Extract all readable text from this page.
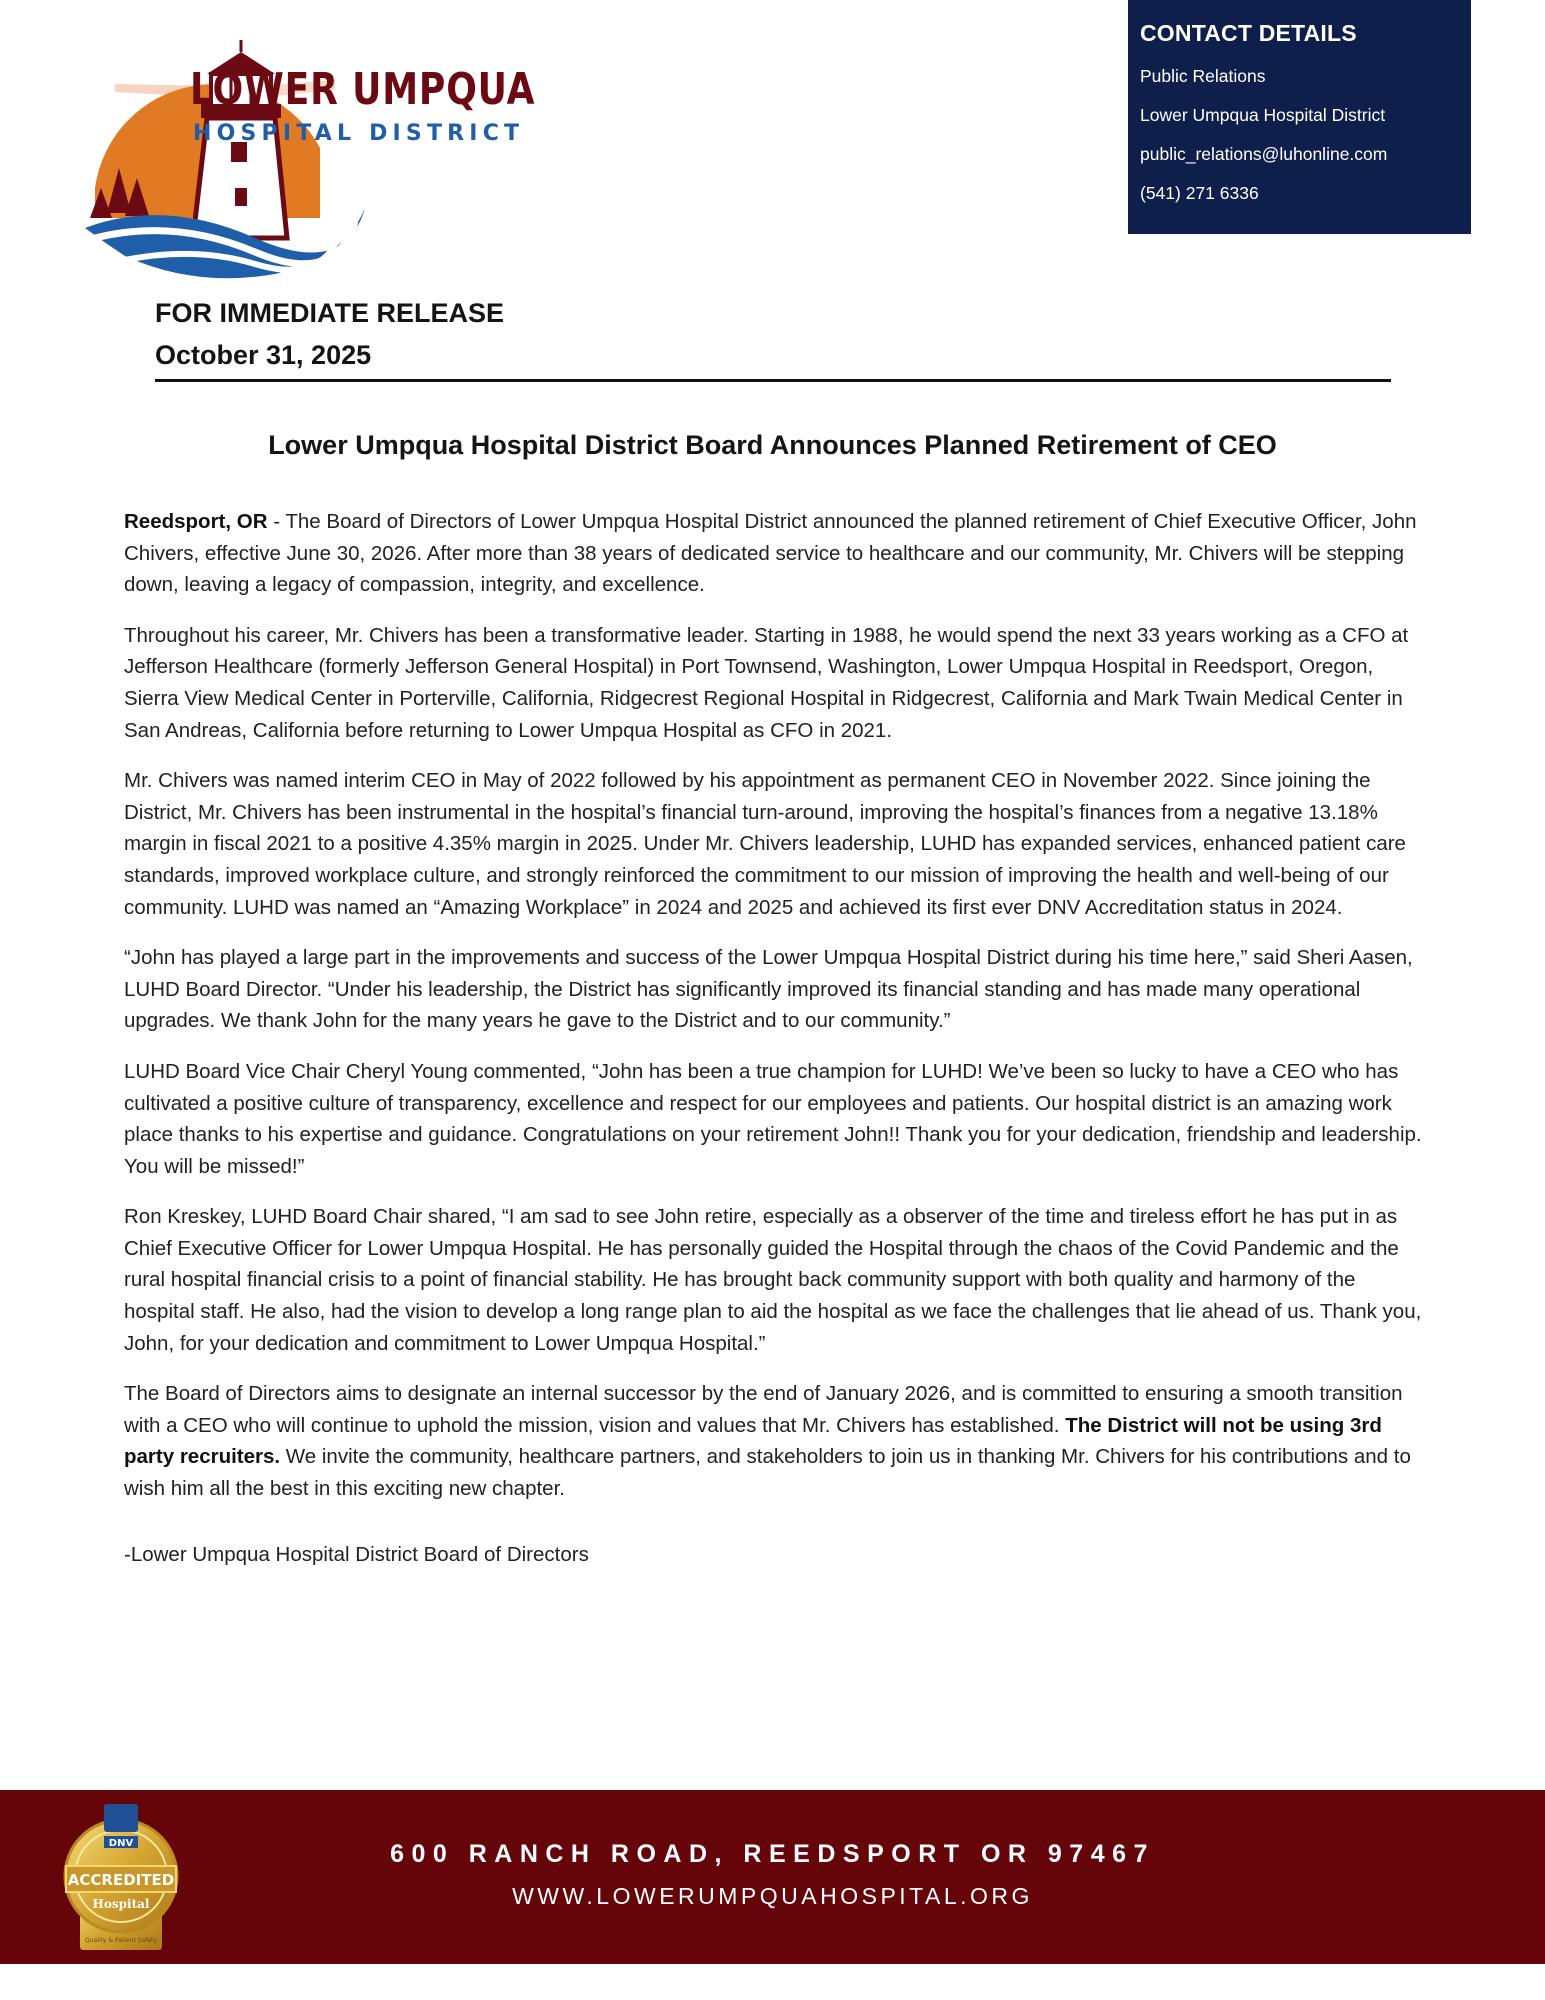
LOWER UMPQUA
HOSPITAL DISTRICT
CONTACT DETAILS
Public Relations
Lower Umpqua Hospital District
public_relations@luhonline.com
(541) 271 6336
FOR IMMEDIATE RELEASE
October 31, 2025
Lower Umpqua Hospital District Board Announces Planned Retirement of CEO

Reedsport, OR - The Board of Directors of Lower Umpqua Hospital District announced the planned retirement of Chief Executive Officer, John Chivers, effective June 30, 2026. After more than 38 years of dedicated service to healthcare and our community, Mr. Chivers will be stepping down, leaving a legacy of compassion, integrity, and excellence.

Throughout his career, Mr. Chivers has been a transformative leader. Starting in 1988, he would spend the next 33 years working as a CFO at Jefferson Healthcare (formerly Jefferson General Hospital) in Port Townsend, Washington, Lower Umpqua Hospital in Reedsport, Oregon, Sierra View Medical Center in Porterville, California, Ridgecrest Regional Hospital in Ridgecrest, California and Mark Twain Medical Center in San Andreas, California before returning to Lower Umpqua Hospital as CFO in 2021.

Mr. Chivers was named interim CEO in May of 2022 followed by his appointment as permanent CEO in November 2022. Since joining the District, Mr. Chivers has been instrumental in the hospital’s financial turn-around, improving the hospital’s finances from a negative 13.18% margin in fiscal 2021 to a positive 4.35% margin in 2025. Under Mr. Chivers leadership, LUHD has expanded services, enhanced patient care standards, improved workplace culture, and strongly reinforced the commitment to our mission of improving the health and well-being of our community. LUHD was named an “Amazing Workplace” in 2024 and 2025 and achieved its first ever DNV Accreditation status in 2024.

“John has played a large part in the improvements and success of the Lower Umpqua Hospital District during his time here,” said Sheri Aasen, LUHD Board Director. “Under his leadership, the District has significantly improved its financial standing and has made many operational upgrades. We thank John for the many years he gave to the District and to our community.”

LUHD Board Vice Chair Cheryl Young commented, “John has been a true champion for LUHD! We’ve been so lucky to have a CEO who has cultivated a positive culture of transparency, excellence and respect for our employees and patients. Our hospital district is an amazing work place thanks to his expertise and guidance. Congratulations on your retirement John!! Thank you for your dedication, friendship and leadership. You will be missed!”

Ron Kreskey, LUHD Board Chair shared, “I am sad to see John retire, especially as a observer of the time and tireless effort he has put in as Chief Executive Officer for Lower Umpqua Hospital. He has personally guided the Hospital through the chaos of the Covid Pandemic and the rural hospital financial crisis to a point of financial stability. He has brought back community support with both quality and harmony of the hospital staff. He also, had the vision to develop a long range plan to aid the hospital as we face the challenges that lie ahead of us. Thank you, John, for your dedication and commitment to Lower Umpqua Hospital.”

The Board of Directors aims to designate an internal successor by the end of January 2026, and is committed to ensuring a smooth transition with a CEO who will continue to uphold the mission, vision and values that Mr. Chivers has established. The District will not be using 3rd party recruiters. We invite the community, healthcare partners, and stakeholders to join us in thanking Mr. Chivers for his contributions and to wish him all the best in this exciting new chapter.

-Lower Umpqua Hospital District Board of Directors

DNV
ACCREDITED
Hospital
Quality & Patient Safety
600 RANCH ROAD, REEDSPORT OR 97467
WWW.LOWERUMPQUAHOSPITAL.ORG
